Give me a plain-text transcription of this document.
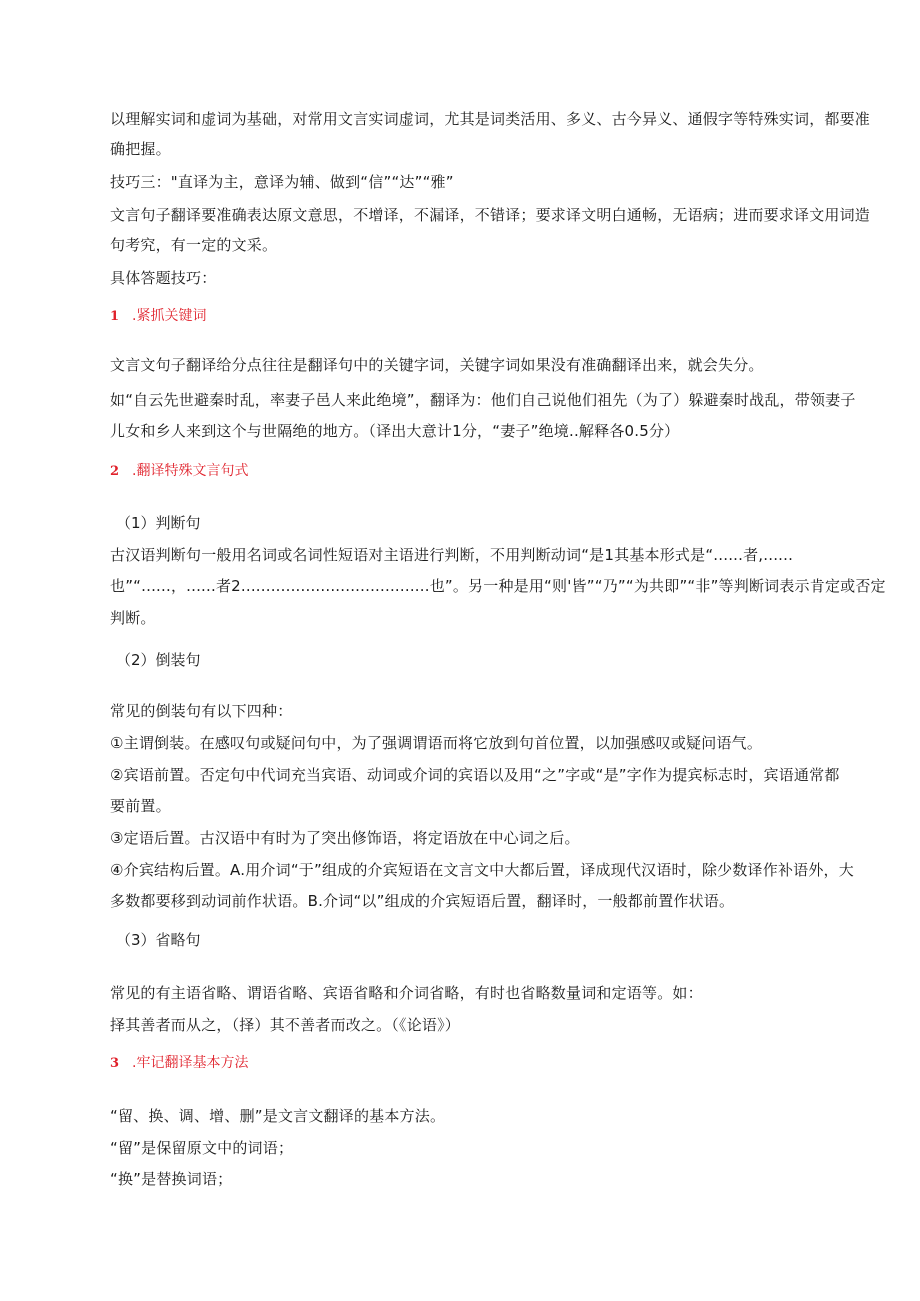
以理解实词和虚词为基础，对常用文言实词虚词，尤其是词类活用、多义、古今异义、通假字等特殊实词，都要准
确把握。
技巧三："直译为主，意译为辅、做到“信”“达”“雅”
文言句子翻译要准确表达原文意思，不增译，不漏译，不错译；要求译文明白通畅，无语病；进而要求译文用词造
句考究，有一定的文采。
具体答题技巧：
1 .紧抓关键词
文言文句子翻译给分点往往是翻译句中的关键字词，关键字词如果没有准确翻译出来，就会失分。
如“自云先世避秦时乱，率妻子邑人来此绝境”，翻译为：他们自己说他们祖先（为了）躲避秦时战乱，带领妻子
儿女和乡人来到这个与世隔绝的地方。（译出大意计1分，“妻子”绝境..解释各0.5分）
2 .翻译特殊文言句式
（1）判断句
古汉语判断句一般用名词或名词性短语对主语进行判断，不用判断动词“是1其基本形式是“......者,......
也”“......，......者2......................................也”。另一种是用“则'皆”“乃”“为共即”“非”等判断词表示肯定或否定
判断。
（2）倒装句
常见的倒装句有以下四种：
①主谓倒装。在感叹句或疑问句中，为了强调谓语而将它放到句首位置，以加强感叹或疑问语气。
②宾语前置。否定句中代词充当宾语、动词或介词的宾语以及用“之”字或“是”字作为提宾标志时，宾语通常都
要前置。
③定语后置。古汉语中有时为了突出修饰语，将定语放在中心词之后。
④介宾结构后置。A.用介词“于”组成的介宾短语在文言文中大都后置，译成现代汉语时，除少数译作补语外，大
多数都要移到动词前作状语。B.介词“以”组成的介宾短语后置，翻译时，一般都前置作状语。
（3）省略句
常见的有主语省略、谓语省略、宾语省略和介词省略，有时也省略数量词和定语等。如：
择其善者而从之，（择）其不善者而改之。（《论语》）
3 .牢记翻译基本方法
“留、换、调、增、删”是文言文翻译的基本方法。
“留”是保留原文中的词语；
“换”是替换词语；
